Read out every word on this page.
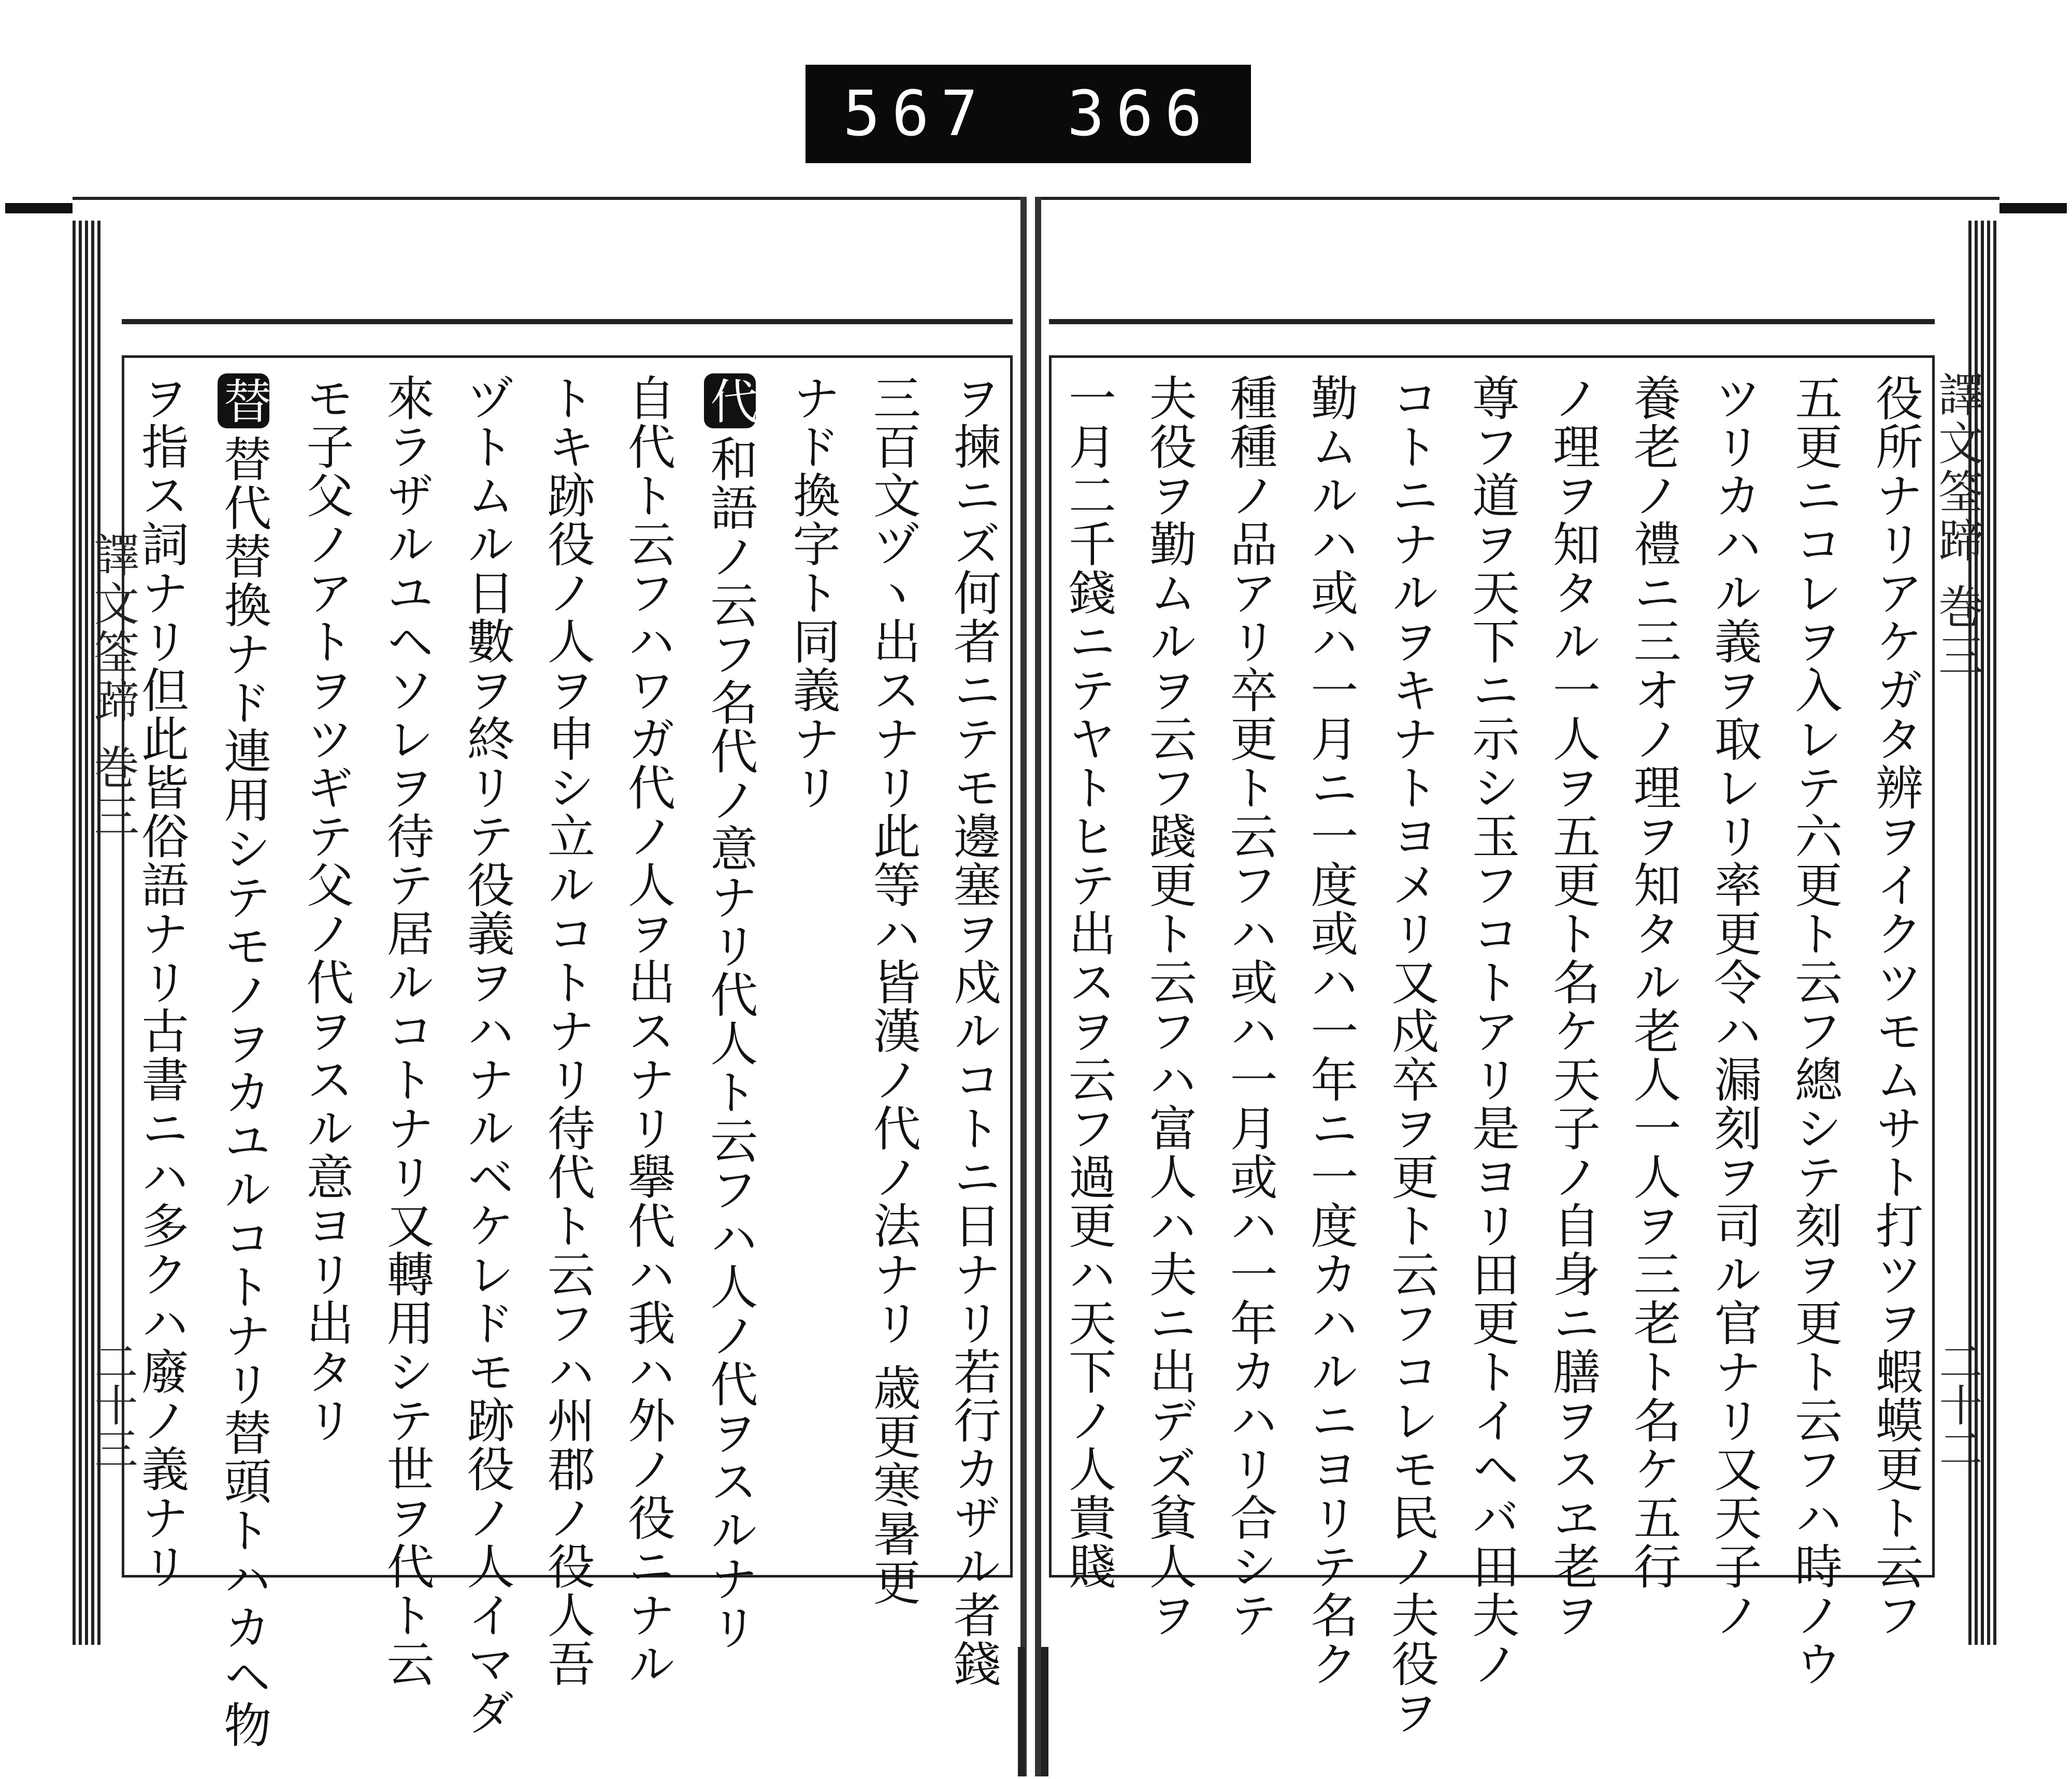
567 366
譯文筌蹄 巻三
二十三	ヲ揀ニズ何者ニテモ邊塞ヲ戍ルコトニ日ナリ若行カザル者錢
三百文ヅヽ出スナリ此等ハ皆漢ノ代ノ法ナリ 歳更寒暑更
ナド換字ト同義ナリ
代和語ノ云フ名代ノ意ナリ代人ト云フハ人ノ代ヲスルナリ
自代ト云フハワガ代ノ人ヲ出スナリ擧代ハ我ハ外ノ役ニナル
トキ跡役ノ人ヲ申シ立ルコトナリ待代ト云フハ州郡ノ役人吾
ヅトムル日數ヲ終リテ役義ヲハナルベケレドモ跡役ノ人イマダ
來ラザルユヘソレヲ待テ居ルコトナリ又轉用シテ世ヲ代ト云
モ子父ノアトヲツギテ父ノ代ヲスル意ヨリ出タリ
替替代替換ナド連用シテモノヲカユルコトナリ替頭トハカヘ物
ヲ指ス詞ナリ但此皆俗語ナリ古書ニハ多クハ廢ノ義ナリ	譯文筌蹄 巻三
二十二
役所ナリアケガタ辨ヲイクツモムサト打ツヲ蝦蟆更ト云フ
五更ニコレヲ入レテ六更ト云フ總シテ刻ヲ更ト云フハ時ノウ
ツリカハル義ヲ取レリ率更令ハ漏刻ヲ司ル官ナリ又天子ノ
養老ノ禮ニ三オノ理ヲ知タル老人一人ヲ三老ト名ケ五行
ノ理ヲ知タル一人ヲ五更ト名ケ天子ノ自身ニ膳ヲスヱ老ヲ
尊フ道ヲ天下ニ示シ玉フコトアリ是ヨリ田更トイヘバ田夫ノ
コトニナルヲキナトヨメリ又戍卒ヲ更ト云フコレモ民ノ夫役ヲ
勤ムルハ或ハ一月ニ一度或ハ一年ニ一度カハルニヨリテ名ク
種種ノ品アリ卒更ト云フハ或ハ一月或ハ一年カハリ合シテ
夫役ヲ勤ムルヲ云フ踐更ト云フハ富人ハ夫ニ出デズ貧人ヲ
一月二千錢ニテヤトヒテ出スヲ云フ過更ハ天下ノ人貴賤
